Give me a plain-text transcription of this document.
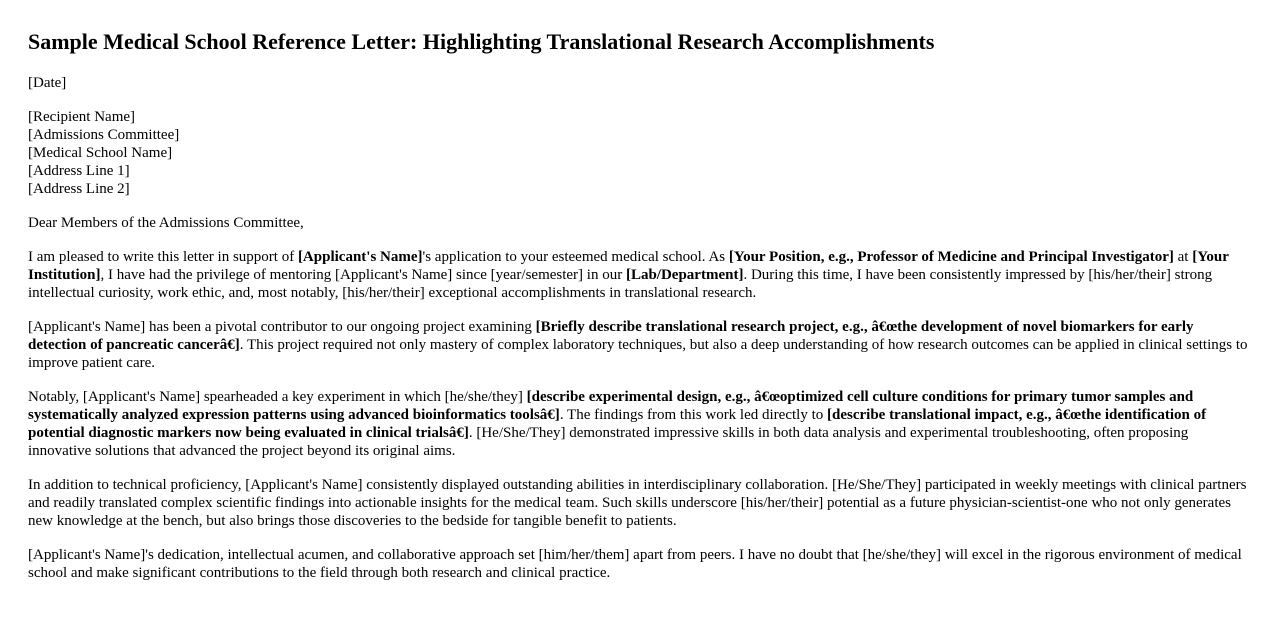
Sample Medical School Reference Letter: Highlighting Translational Research Accomplishments

[Date]

[Recipient Name]
[Admissions Committee]
[Medical School Name]
[Address Line 1]
[Address Line 2]

Dear Members of the Admissions Committee,

I am pleased to write this letter in support of [Applicant's Name]'s application to your esteemed medical school. As [Your Position, e.g., Professor of Medicine and Principal Investigator] at [Your Institution], I have had the privilege of mentoring [Applicant's Name] since [year/semester] in our [Lab/Department]. During this time, I have been consistently impressed by [his/her/their] strong intellectual curiosity, work ethic, and, most notably, [his/her/their] exceptional accomplishments in translational research.

[Applicant's Name] has been a pivotal contributor to our ongoing project examining [Briefly describe translational research project, e.g., â€œthe development of novel biomarkers for early detection of pancreatic cancerâ€]. This project required not only mastery of complex laboratory techniques, but also a deep understanding of how research outcomes can be applied in clinical settings to improve patient care.

Notably, [Applicant's Name] spearheaded a key experiment in which [he/she/they] [describe experimental design, e.g., â€œoptimized cell culture conditions for primary tumor samples and systematically analyzed expression patterns using advanced bioinformatics toolsâ€]. The findings from this work led directly to [describe translational impact, e.g., â€œthe identification of potential diagnostic markers now being evaluated in clinical trialsâ€]. [He/She/They] demonstrated impressive skills in both data analysis and experimental troubleshooting, often proposing innovative solutions that advanced the project beyond its original aims.

In addition to technical proficiency, [Applicant's Name] consistently displayed outstanding abilities in interdisciplinary collaboration. [He/She/They] participated in weekly meetings with clinical partners and readily translated complex scientific findings into actionable insights for the medical team. Such skills underscore [his/her/their] potential as a future physician-scientist-one who not only generates new knowledge at the bench, but also brings those discoveries to the bedside for tangible benefit to patients.

[Applicant's Name]'s dedication, intellectual acumen, and collaborative approach set [him/her/them] apart from peers. I have no doubt that [he/she/they] will excel in the rigorous environment of medical school and make significant contributions to the field through both research and clinical practice.
